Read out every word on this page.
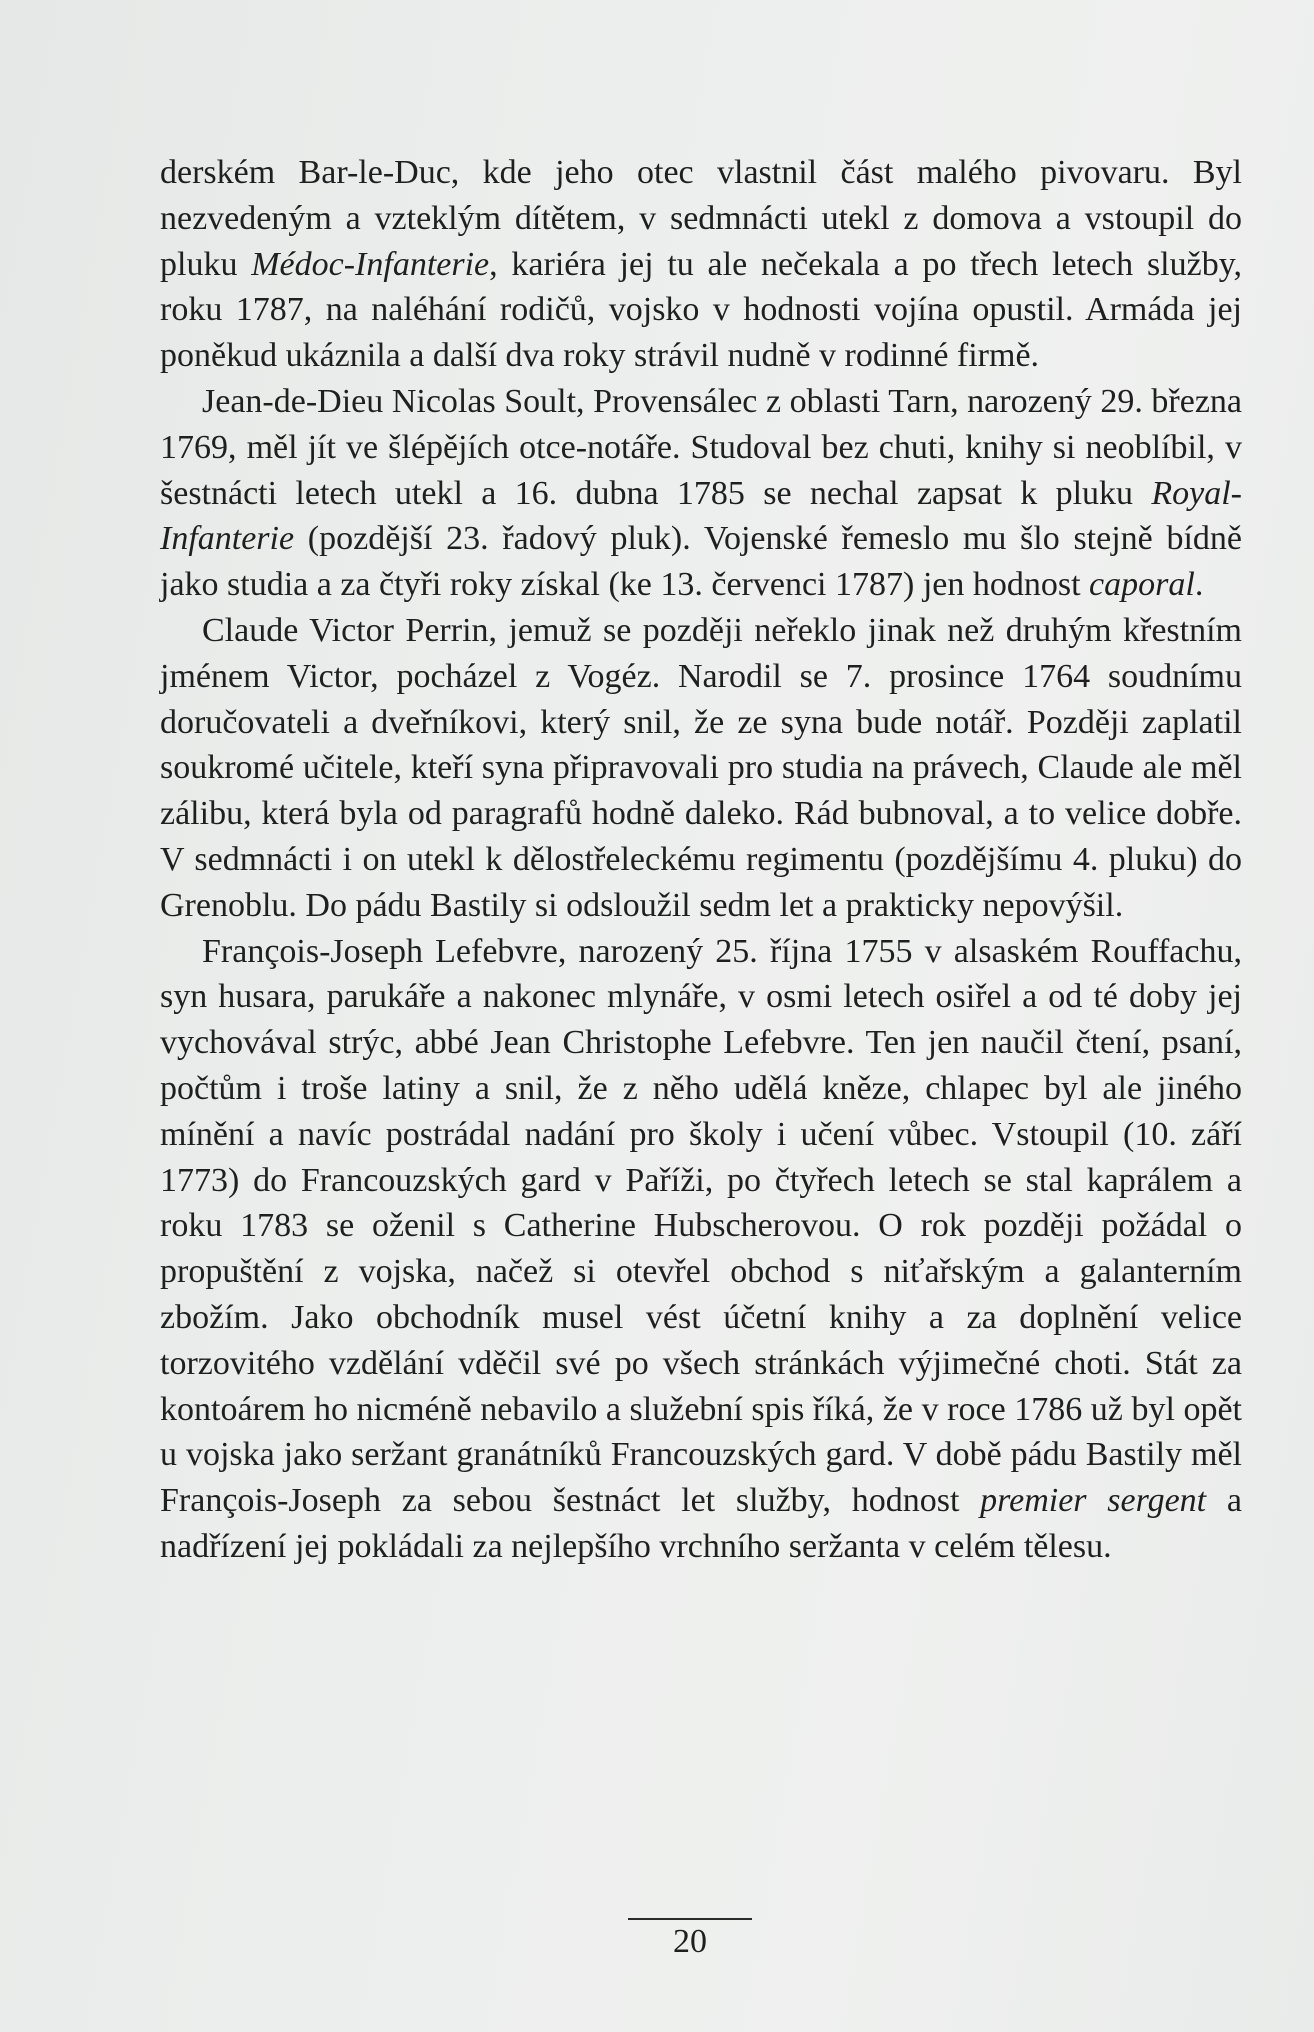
derském Bar-le-Duc, kde jeho otec vlastnil část malého pivovaru. Byl nezvedeným a vzteklým dítětem, v sedmnácti utekl z domova a vstoupil do pluku Médoc-Infanterie, kariéra jej tu ale nečekala a po třech letech služby, roku 1787, na naléhání rodičů, vojsko v hodnosti vojína opustil. Armáda jej poněkud ukáznila a další dva roky strávil nudně v rodinné firmě.

Jean-de-Dieu Nicolas Soult, Provensálec z oblasti Tarn, narozený 29. března 1769, měl jít ve šlépějích otce-notáře. Studoval bez chuti, knihy si neoblíbil, v šestnácti letech utekl a 16. dubna 1785 se nechal zapsat k pluku Royal-Infanterie (pozdější 23. řadový pluk). Vojenské řemeslo mu šlo stejně bídně jako studia a za čtyři roky získal (ke 13. červenci 1787) jen hodnost caporal.

Claude Victor Perrin, jemuž se později neřeklo jinak než druhým křestním jménem Victor, pocházel z Vogéz. Narodil se 7. prosince 1764 soudnímu doručovateli a dveřníkovi, který snil, že ze syna bude notář. Později zaplatil soukromé učitele, kteří syna připravovali pro studia na právech, Claude ale měl zálibu, která byla od paragrafů hodně daleko. Rád bubnoval, a to velice dobře. V sedmnácti i on utekl k dělostřeleckému regimentu (pozdějšímu 4. pluku) do Grenoblu. Do pádu Bastily si odsloužil sedm let a prakticky nepovýšil.

François-Joseph Lefebvre, narozený 25. října 1755 v alsaském Rouffachu, syn husara, parukáře a nakonec mlynáře, v osmi letech osiřel a od té doby jej vychovával strýc, abbé Jean Christophe Lefebvre. Ten jen naučil čtení, psaní, počtům i troše latiny a snil, že z něho udělá kněze, chlapec byl ale jiného mínění a navíc postrádal nadání pro školy i učení vůbec. Vstoupil (10. září 1773) do Francouzských gard v Paříži, po čtyřech letech se stal kaprálem a roku 1783 se oženil s Catherine Hubscherovou. O rok později požádal o propuštění z vojska, načež si otevřel obchod s niťařským a galanterním zbožím. Jako obchodník musel vést účetní knihy a za doplnění velice torzovitého vzdělání vděčil své po všech stránkách výjimečné choti. Stát za kontoárem ho nicméně nebavilo a služební spis říká, že v roce 1786 už byl opět u vojska jako seržant granátníků Francouzských gard. V době pádu Bastily měl François-Joseph za sebou šestnáct let služby, hodnost premier sergent a nadřízení jej pokládali za nejlepšího vrchního seržanta v celém tělesu.

20
